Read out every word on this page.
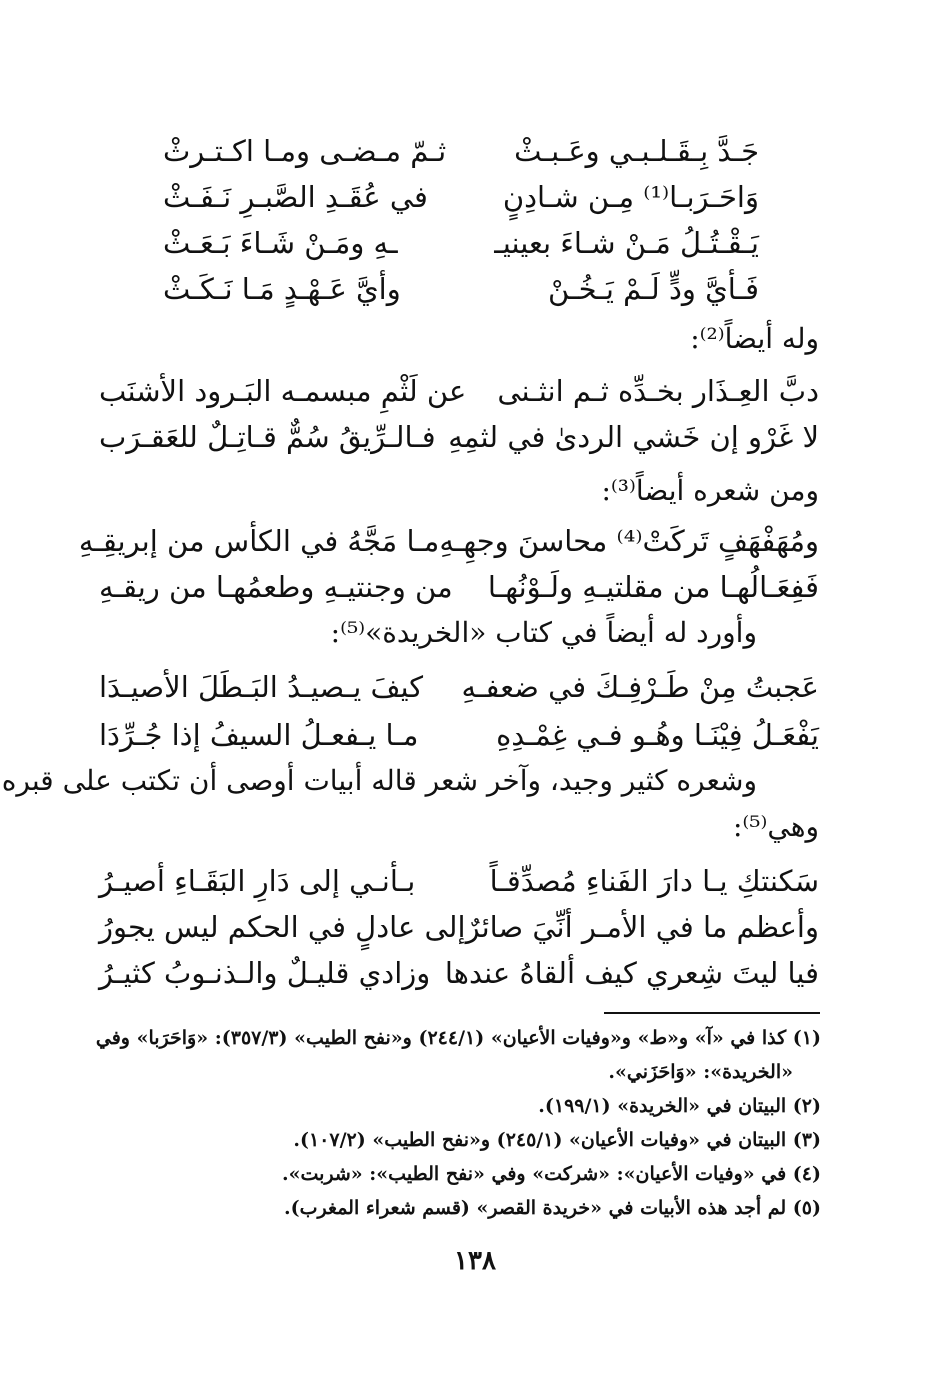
جَـدَّ بِـقَـلـبـي وعَـبـثْ
ثـمّ مـضـى ومـا اكـتـرثْ
وَاحَـرَبـا⁽¹⁾ مِـن شـادِنٍ
في عُقَـدِ الصَّبـرِ نَـفَـثْ
يَـقْـتُـلُ مَـنْ شـاءَ بعينيـ
ـهِ ومَـنْ شَـاءَ بَـعَـثْ
فَـأيَّ ودٍّ لَـمْ يَـخُـنْ
وأيَّ عَـهْـدٍ مَـا نَـكَـثْ
وله أيضاً⁽²⁾:
دبَّ العِـذَار بخـدِّه ثـم انثـنى
عن لَثْمِ مبسمـه البَـرود الأشنَب
لا غَرْو إن خَشي الردىٰ في لثمِهِ
فـالـرِّيقُ سُمٌّ قـاتِـلٌ للعَقـرَب
ومن شعره أيضاً⁽³⁾:
ومُهَفْهَفٍ تَركَتْ⁽⁴⁾ محاسنَ وجهِـهِ
مـا مَجَّهُ في الكأس من إبريقِـهِ
فَفِعَـالُهـا من مقلتيـهِ ولَـوْنُهـا
من وجنتيـهِ وطعمُهـا من ريقـهِ
وأورد له أيضاً في كتاب «الخريدة»⁽⁵⁾:
عَجبتُ مِنْ طَـرْفِـكَ في ضعفـهِ
كيفَ يـصيـدُ البَـطَلَ الأصيـدَا
يَفْعَـلُ فِيْنَـا وهُـو فـي غِمْـدِهِ
مـا يـفعـلُ السيفُ إذا جُـرِّدَا
وشعره كثير وجيد، وآخر شعر قاله أبيات أوصى أن تكتب على قبره
وهي⁽⁵⁾:
سَكنتكِ يـا دارَ الفَناءِ مُصدِّقـاً
بـأنـي إلى دَارِ البَقَـاءِ أصيـرُ
وأعظم ما في الأمـر أنِّيَ صائرٌ
إلى عادلٍ في الحكم ليس يجورُ
فيا ليتَ شِعري كيف ألقاهُ عندها
وزادي قليـلٌ والـذنـوبُ كثيـرُ
(١) كذا في «آ» و«ط» و«وفيات الأعيان» (٢٤٤/١) و«نفح الطيب» (٣٥٧/٣): «وَاحَرَبا» وفي
«الخريدة»: «وَاحَزَني».
(٢) البيتان في «الخريدة» (١٩٩/١).
(٣) البيتان في «وفيات الأعيان» (٢٤٥/١) و«نفح الطيب» (١٠٧/٢).
(٤) في «وفيات الأعيان»: «شركت» وفي «نفح الطيب»: «شربت».
(٥) لم أجد هذه الأبيات في «خريدة القصر» (قسم شعراء المغرب).
١٣٨
